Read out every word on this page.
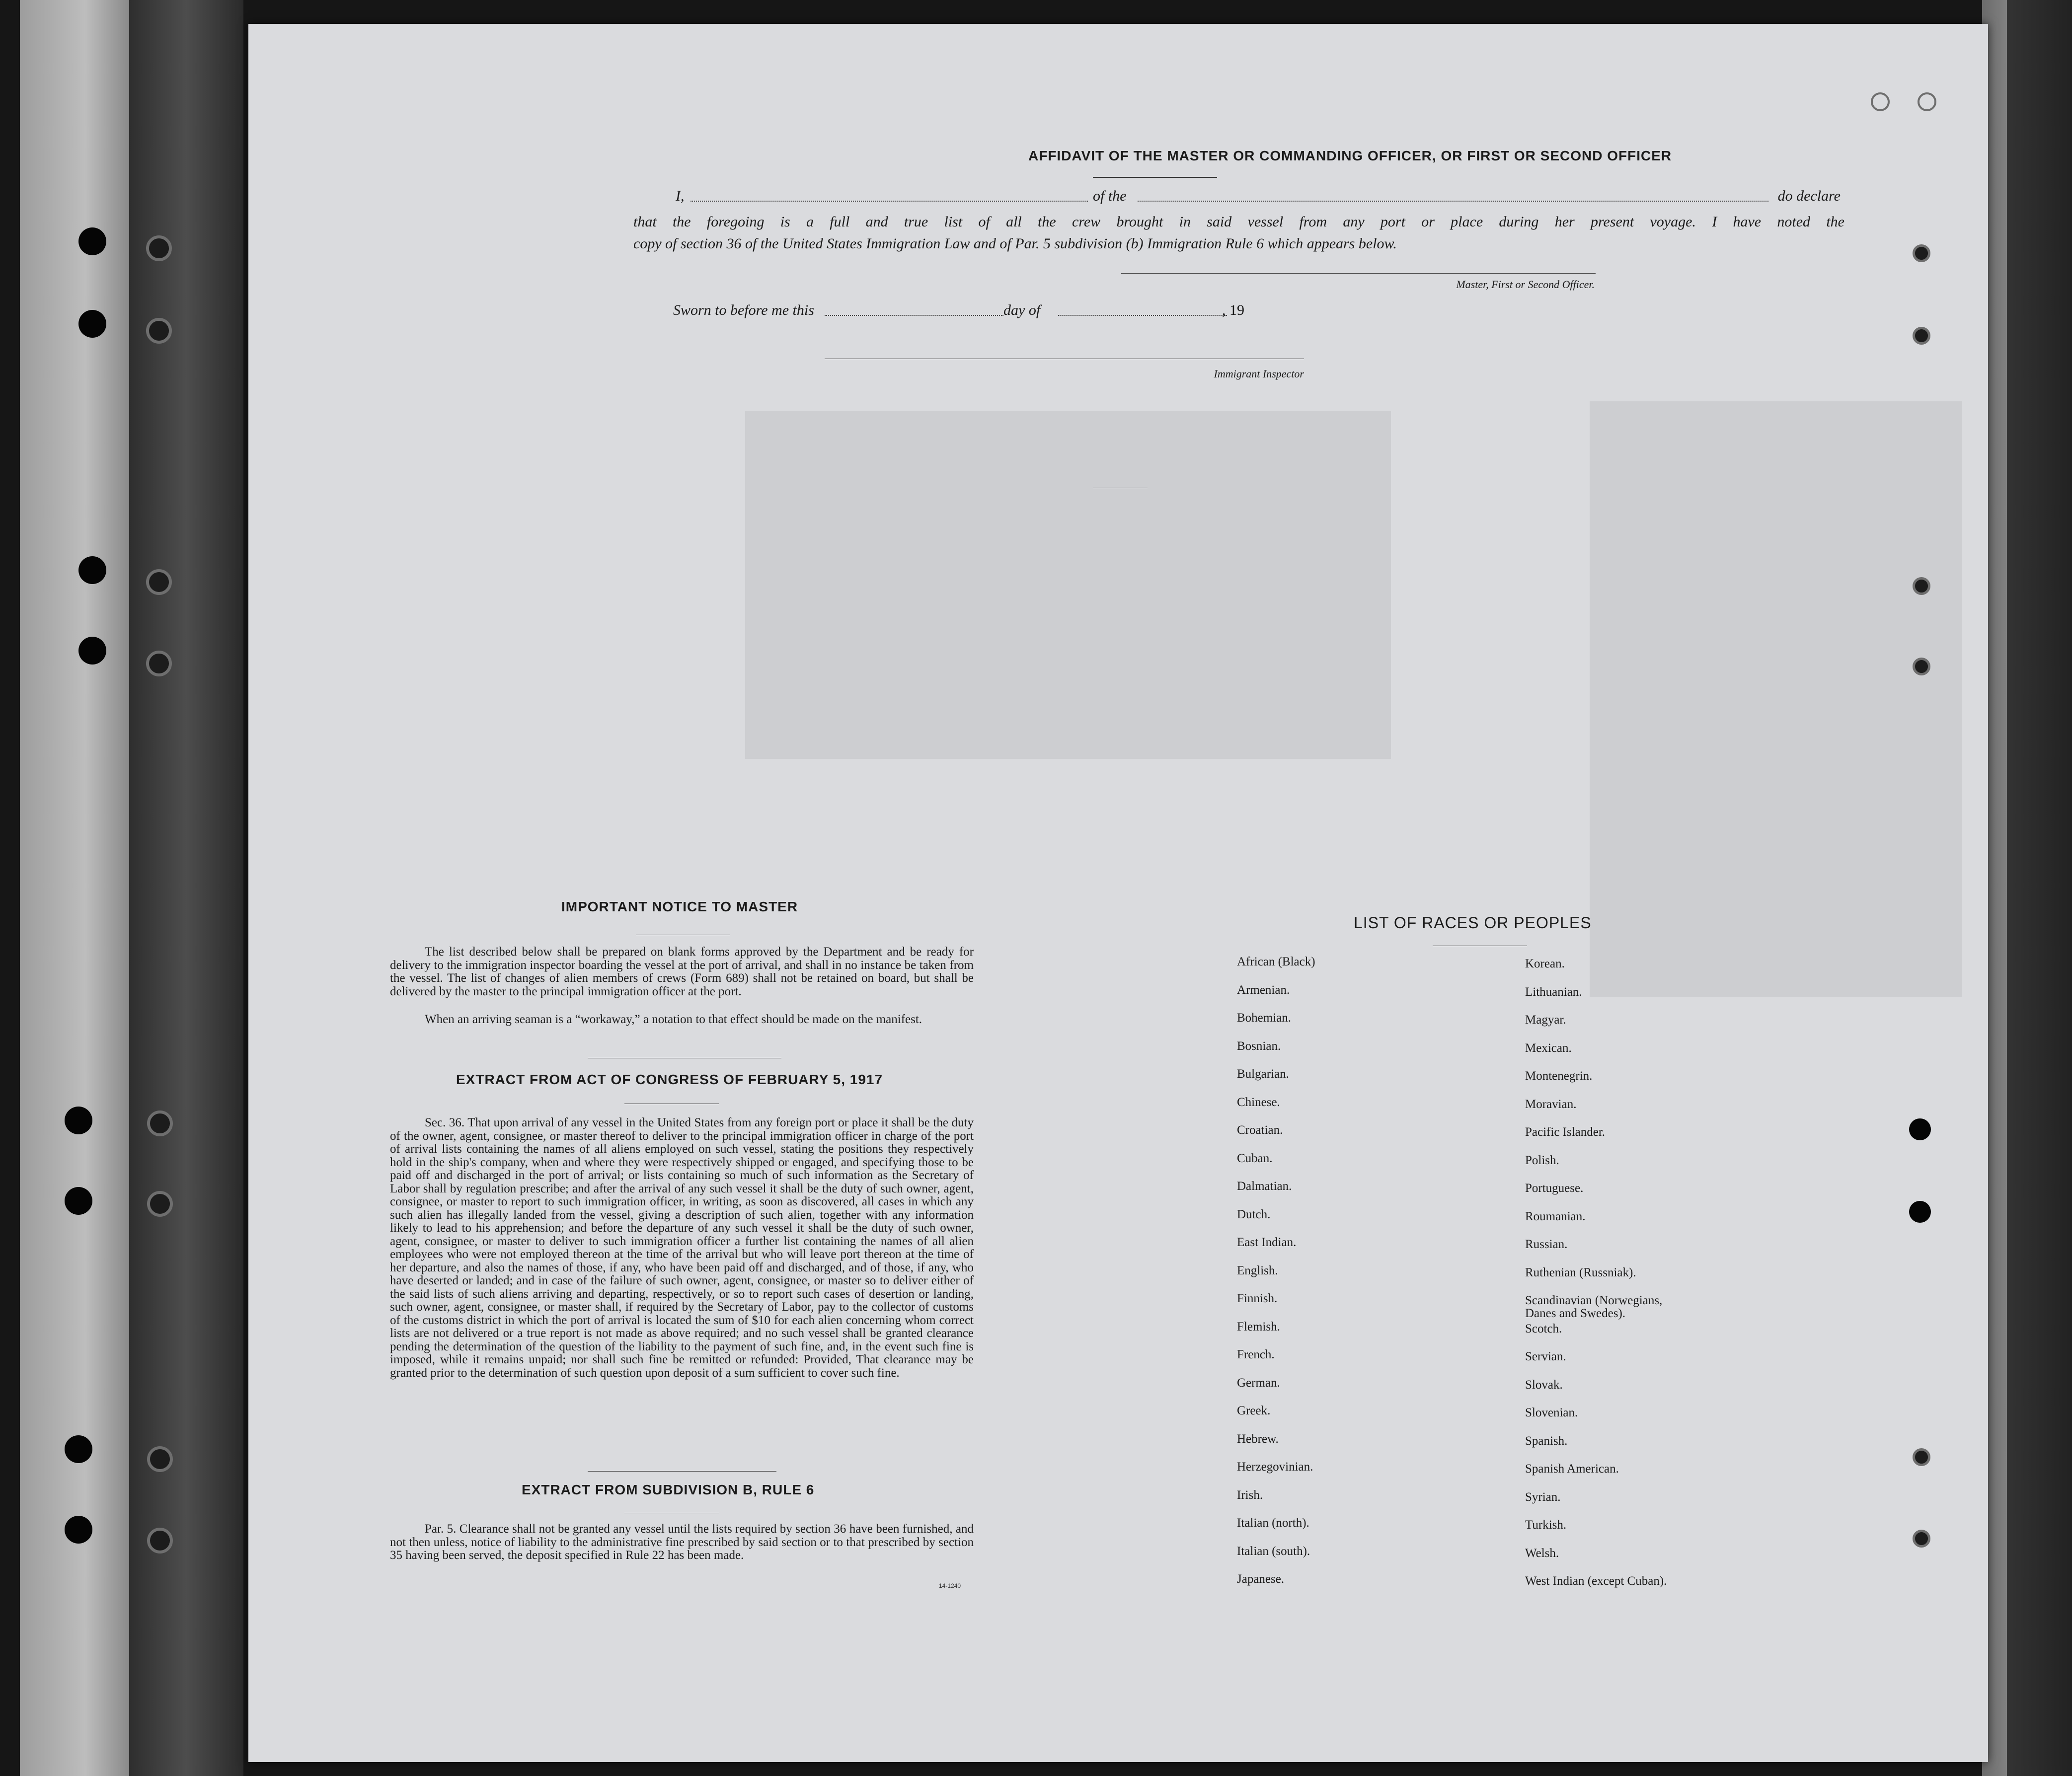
AFFIDAVIT OF THE MASTER OR COMMANDING OFFICER, OR FIRST OR SECOND OFFICER
I,	of the	do declare
that the foregoing is a full and true list of all the crew brought in said vessel from any port or place during her present voyage. I have noted the
copy of section 36 of the United States Immigration Law and of Par. 5 subdivision (b) Immigration Rule 6 which appears below.
Master, First or Second Officer.
Sworn to before me this	day of	, 19
Immigrant Inspector
IMPORTANT NOTICE TO MASTER
The list described below shall be prepared on blank forms approved by the Department and be ready for delivery to the immigration inspector boarding the vessel at the port of arrival, and shall in no instance be taken from the vessel. The list of changes of alien members of crews (Form 689) shall not be retained on board, but shall be delivered by the master to the principal immigration officer at the port.
When an arriving seaman is a “workaway,” a notation to that effect should be made on the manifest.
EXTRACT FROM ACT OF CONGRESS OF FEBRUARY 5, 1917
Sec. 36. That upon arrival of any vessel in the United States from any foreign port or place it shall be the duty of the owner, agent, consignee, or master thereof to deliver to the principal immigration officer in charge of the port of arrival lists containing the names of all aliens employed on such vessel, stating the positions they respectively hold in the ship's company, when and where they were respectively shipped or engaged, and specifying those to be paid off and discharged in the port of arrival; or lists containing so much of such information as the Secretary of Labor shall by regulation prescribe; and after the arrival of any such vessel it shall be the duty of such owner, agent, consignee, or master to report to such immigration officer, in writing, as soon as discovered, all cases in which any such alien has illegally landed from the vessel, giving a description of such alien, together with any information likely to lead to his apprehension; and before the departure of any such vessel it shall be the duty of such owner, agent, consignee, or master to deliver to such immigration officer a further list containing the names of all alien employees who were not employed thereon at the time of the arrival but who will leave port thereon at the time of her departure, and also the names of those, if any, who have been paid off and discharged, and of those, if any, who have deserted or landed; and in case of the failure of such owner, agent, consignee, or master so to deliver either of the said lists of such aliens arriving and departing, respectively, or so to report such cases of desertion or landing, such owner, agent, consignee, or master shall, if required by the Secretary of Labor, pay to the collector of customs of the customs district in which the port of arrival is located the sum of $10 for each alien concerning whom correct lists are not delivered or a true report is not made as above required; and no such vessel shall be granted clearance pending the determination of the question of the liability to the payment of such fine, and, in the event such fine is imposed, while it remains unpaid; nor shall such fine be remitted or refunded: Provided, That clearance may be granted prior to the determination of such question upon deposit of a sum sufficient to cover such fine.
EXTRACT FROM SUBDIVISION B, RULE 6
Par. 5. Clearance shall not be granted any vessel until the lists required by section 36 have been furnished, and not then unless, notice of liability to the administrative fine prescribed by said section or to that prescribed by section 35 having been served, the deposit specified in Rule 22 has been made.
14-1240
LIST OF RACES OR PEOPLES
African (Black)
Armenian.
Bohemian.
Bosnian.
Bulgarian.
Chinese.
Croatian.
Cuban.
Dalmatian.
Dutch.
East Indian.
English.
Finnish.
Flemish.
French.
German.
Greek.
Hebrew.
Herzegovinian.
Irish.
Italian (north).
Italian (south).
Japanese.
Korean.
Lithuanian.
Magyar.
Mexican.
Montenegrin.
Moravian.
Pacific Islander.
Polish.
Portuguese.
Roumanian.
Russian.
Ruthenian (Russniak).
Scandinavian (Norwegians,
Danes and Swedes).
Scotch.
Servian.
Slovak.
Slovenian.
Spanish.
Spanish American.
Syrian.
Turkish.
Welsh.
West Indian (except Cuban).
